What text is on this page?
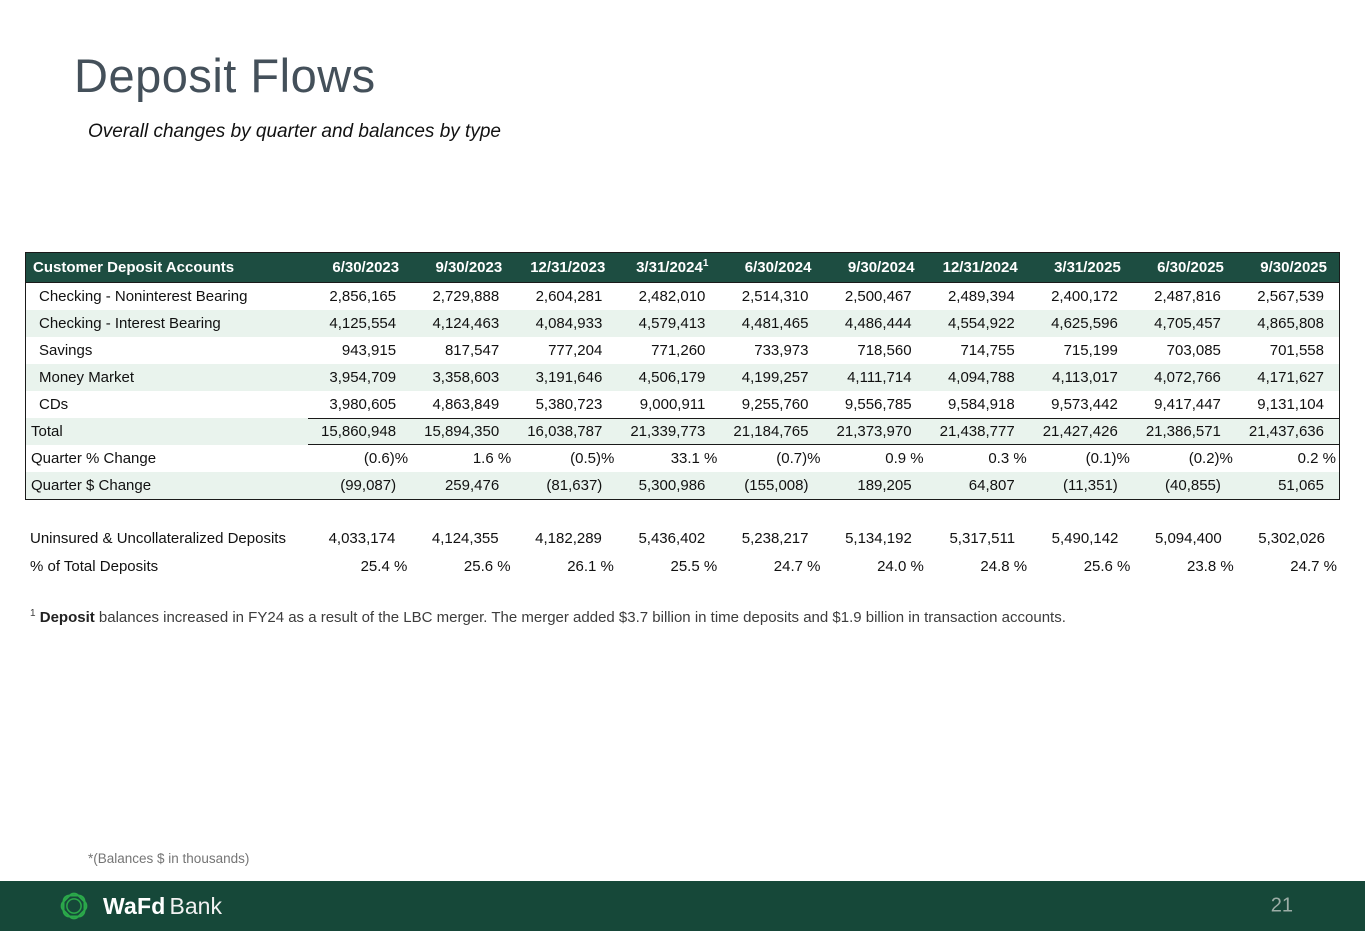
Deposit Flows
Overall changes by quarter and balances by type
Customer Deposit Accounts	6/30/2023	9/30/2023	12/31/2023	3/31/2024$^1$	6/30/2024	9/30/2024	12/31/2024	3/31/2025	6/30/2025	9/30/2025
Checking - Noninterest Bearing	2,856,165	2,729,888	2,604,281	2,482,010	2,514,310	2,500,467	2,489,394	2,400,172	2,487,816	2,567,539
Checking - Interest Bearing	4,125,554	4,124,463	4,084,933	4,579,413	4,481,465	4,486,444	4,554,922	4,625,596	4,705,457	4,865,808
Savings	943,915	817,547	777,204	771,260	733,973	718,560	714,755	715,199	703,085	701,558
Money Market	3,954,709	3,358,603	3,191,646	4,506,179	4,199,257	4,111,714	4,094,788	4,113,017	4,072,766	4,171,627
CDs	3,980,605	4,863,849	5,380,723	9,000,911	9,255,760	9,556,785	9,584,918	9,573,442	9,417,447	9,131,104
Total	15,860,948	15,894,350	16,038,787	21,339,773	21,184,765	21,373,970	21,438,777	21,427,426	21,386,571	21,437,636
Quarter % Change	(0.6)%	1.6 %	(0.5)%	33.1 %	(0.7)%	0.9 %	0.3 %	(0.1)%	(0.2)%	0.2 %
Quarter $ Change	(99,087)	259,476	(81,637)	5,300,986	(155,008)	189,205	64,807	(11,351)	(40,855)	51,065
Uninsured & Uncollateralized Deposits	4,033,174	4,124,355	4,182,289	5,436,402	5,238,217	5,134,192	5,317,511	5,490,142	5,094,400	5,302,026
% of Total Deposits	25.4 %	25.6 %	26.1 %	25.5 %	24.7 %	24.0 %	24.8 %	25.6 %	23.8 %	24.7 %
$^1$ Deposit balances increased in FY24 as a result of the LBC merger. The merger added $3.7 billion in time deposits and $1.9 billion in transaction accounts.
*(Balances $ in thousands)
WaFd Bank	21
